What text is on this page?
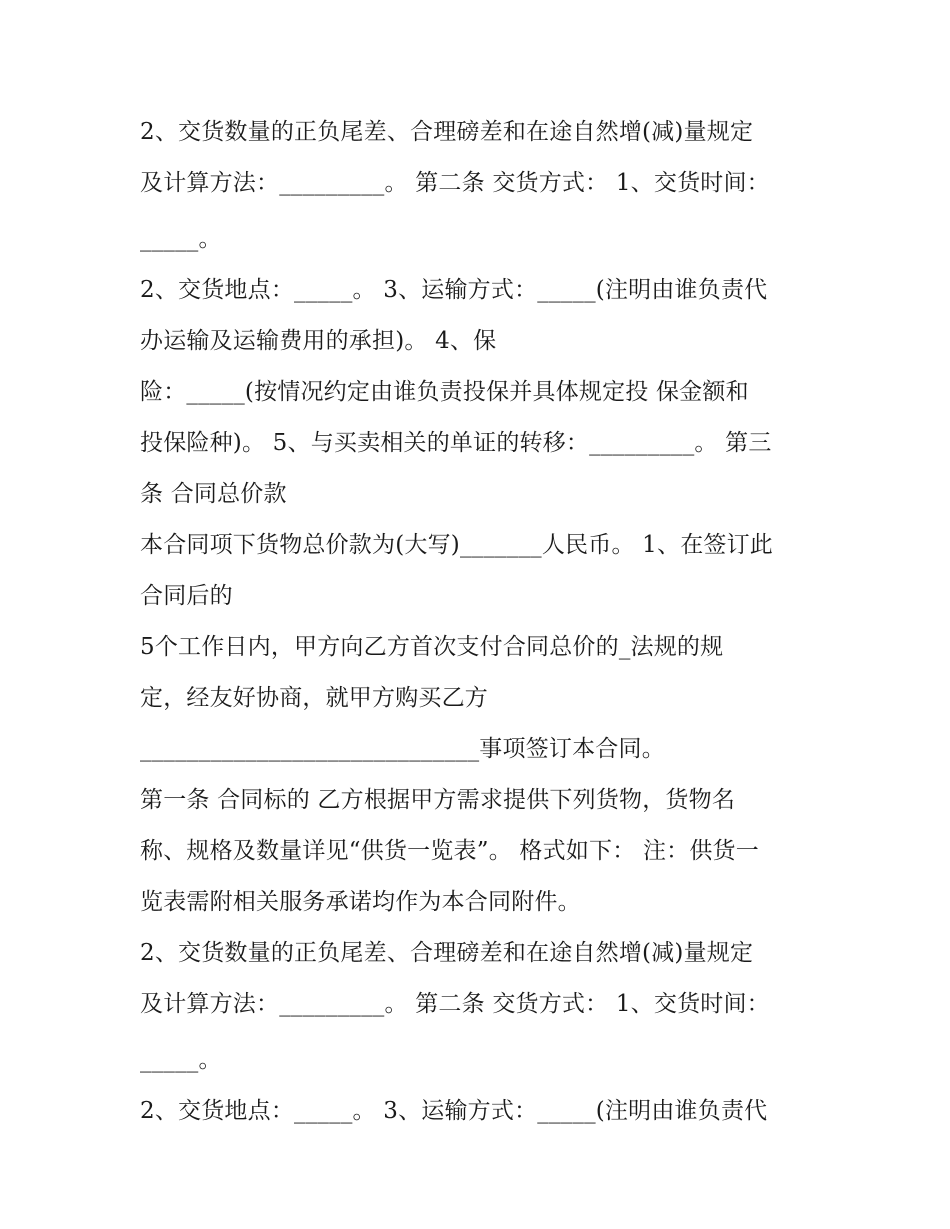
2、交货数量的正负尾差、合理磅差和在途自然增(减)量规定
及计算方法：_________。 第二条 交货方式： 1、交货时间：
_____。
2、交货地点：_____。 3、运输方式：_____(注明由谁负责代
办运输及运输费用的承担)。 4、保
险：_____(按情况约定由谁负责投保并具体规定投 保金额和
投保险种)。 5、与买卖相关的单证的转移：_________。 第三
条 合同总价款
本合同项下货物总价款为(大写)_______人民币。 1、在签订此
合同后的
5个工作日内，甲方向乙方首次支付合同总价的_法规的规
定，经友好协商，就甲方购买乙方
_____________________________事项签订本合同。
第一条 合同标的 乙方根据甲方需求提供下列货物，货物名
称、规格及数量详见“供货一览表”。 格式如下： 注：供货一
览表需附相关服务承诺均作为本合同附件。
2、交货数量的正负尾差、合理磅差和在途自然增(减)量规定
及计算方法：_________。 第二条 交货方式： 1、交货时间：
_____。
2、交货地点：_____。 3、运输方式：_____(注明由谁负责代
